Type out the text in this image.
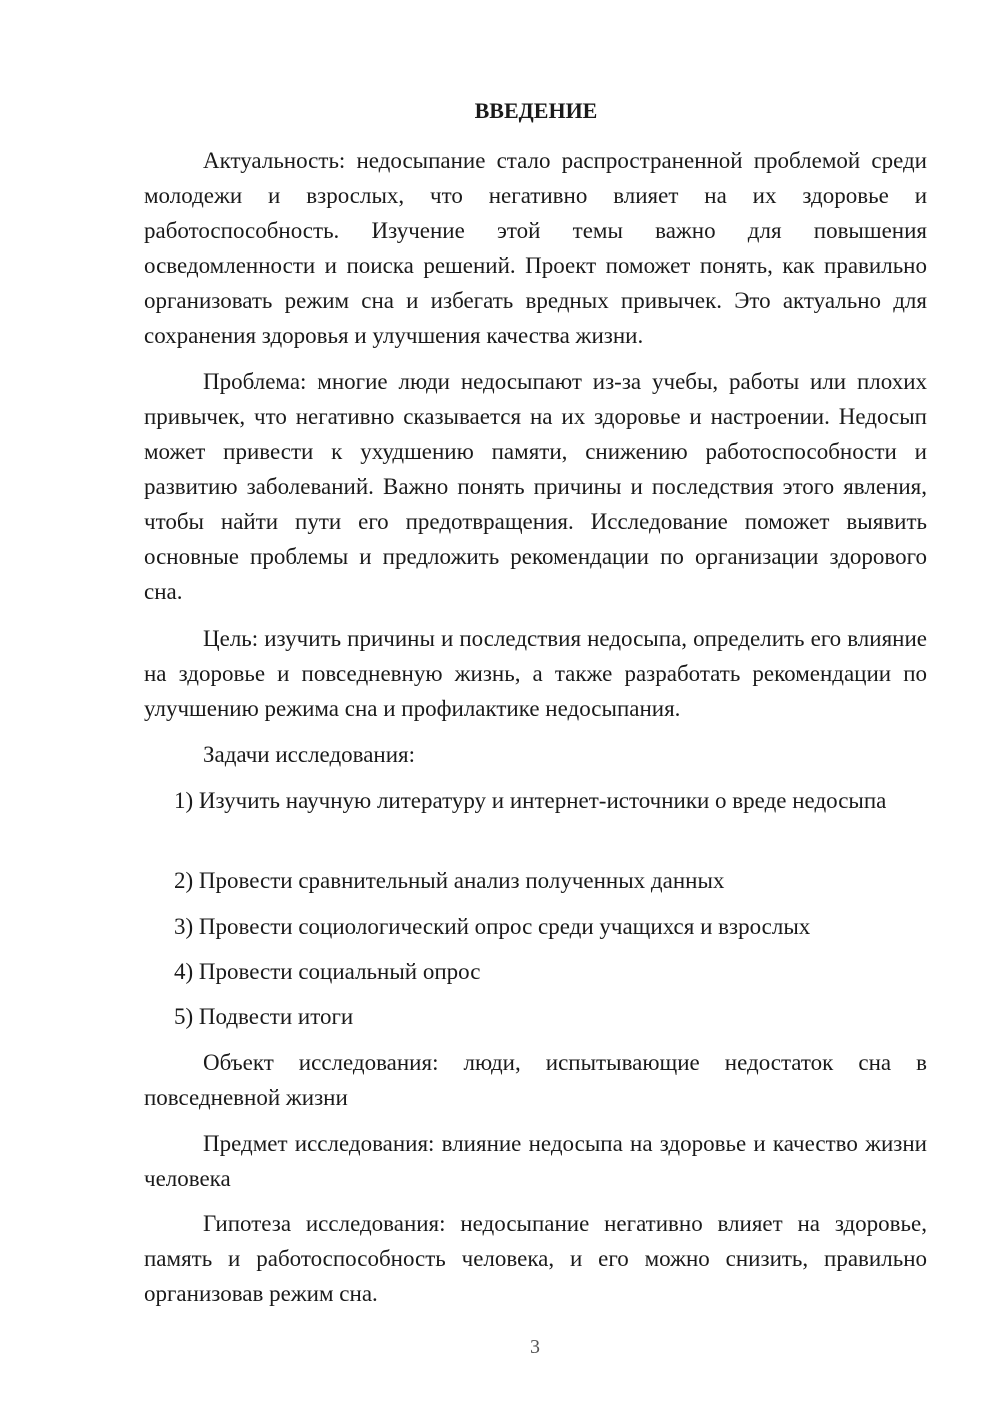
ВВЕДЕНИЕ
Актуальность: недосыпание стало распространенной проблемой среди молодежи и взрослых, что негативно влияет на их здоровье и работоспособность. Изучение этой темы важно для повышения осведомленности и поиска решений. Проект поможет понять, как правильно организовать режим сна и избегать вредных привычек. Это актуально для сохранения здоровья и улучшения качества жизни.
Проблема: многие люди недосыпают из-за учебы, работы или плохих привычек, что негативно сказывается на их здоровье и настроении. Недосып может привести к ухудшению памяти, снижению работоспособности и развитию заболеваний. Важно понять причины и последствия этого явления, чтобы найти пути его предотвращения. Исследование поможет выявить основные проблемы и предложить рекомендации по организации здорового сна.
Цель: изучить причины и последствия недосыпа, определить его влияние на здоровье и повседневную жизнь, а также разработать рекомендации по улучшению режима сна и профилактике недосыпания.
Задачи исследования:
1) Изучить научную литературу и интернет-источники о вреде недосыпа
2) Провести сравнительный анализ полученных данных
3) Провести социологический опрос среди учащихся и взрослых
4) Провести социальный опрос
5) Подвести итоги
Объект исследования: люди, испытывающие недостаток сна в повседневной жизни
Предмет исследования: влияние недосыпа на здоровье и качество жизни человека
Гипотеза исследования: недосыпание негативно влияет на здоровье, память и работоспособность человека, и его можно снизить, правильно организовав режим сна.
3
